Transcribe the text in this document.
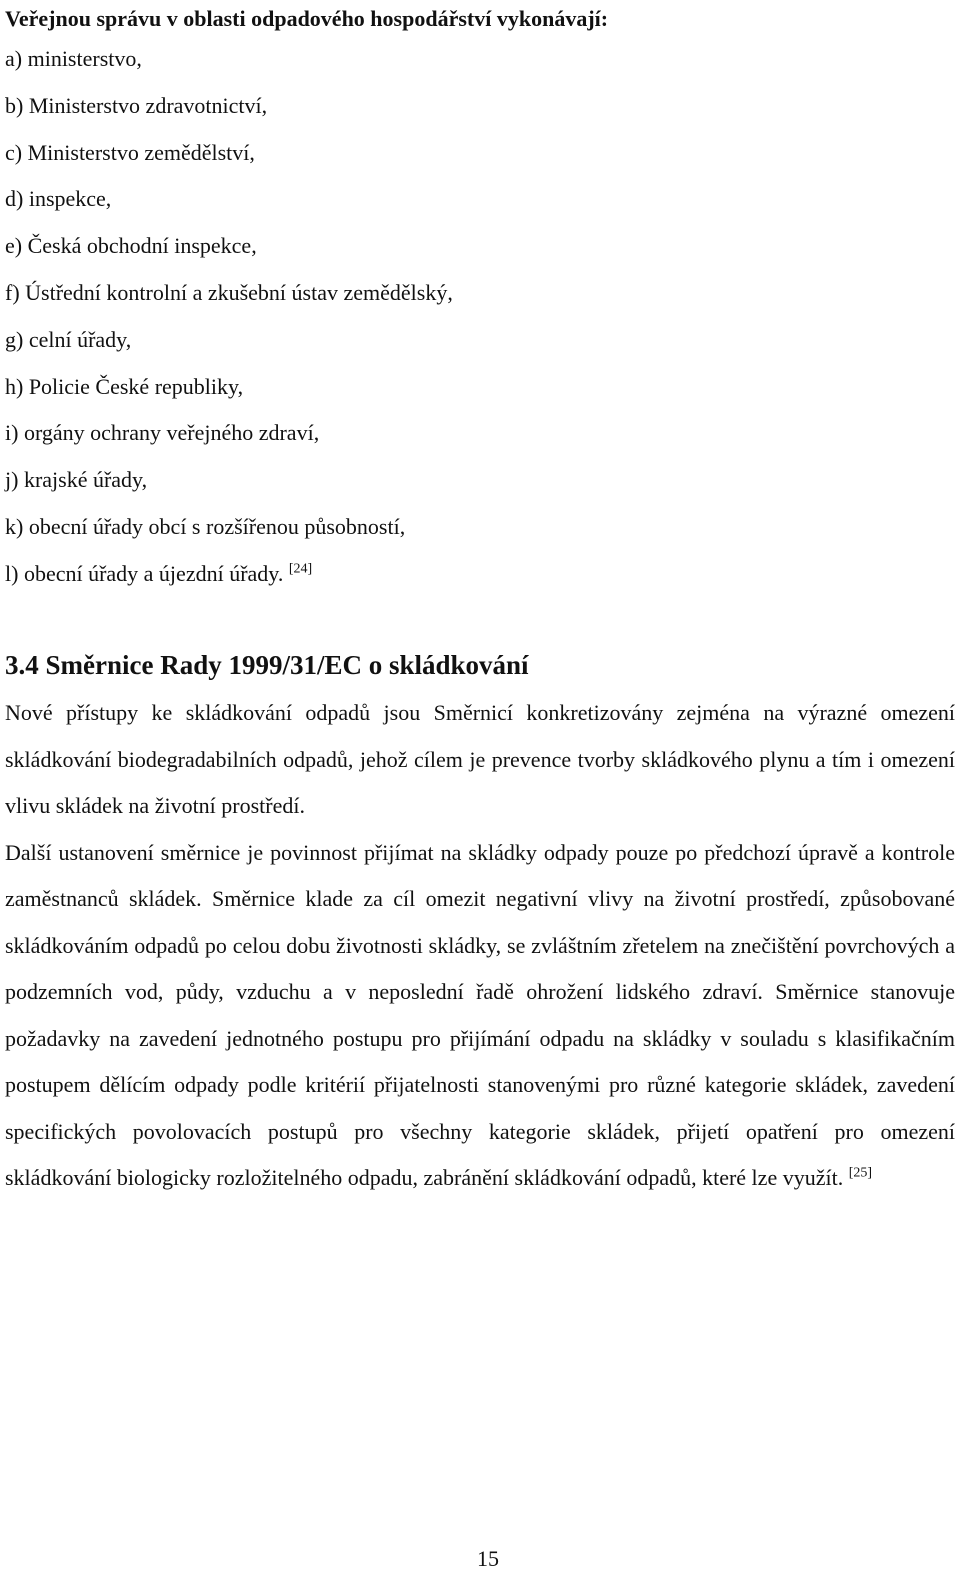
Veřejnou správu v oblasti odpadového hospodářství vykonávají:
a) ministerstvo,
b) Ministerstvo zdravotnictví,
c) Ministerstvo zemědělství,
d) inspekce,
e) Česká obchodní inspekce,
f) Ústřední kontrolní a zkušební ústav zemědělský,
g) celní úřady,
h) Policie České republiky,
i) orgány ochrany veřejného zdraví,
j) krajské úřady,
k) obecní úřady obcí s rozšířenou působností,
l) obecní úřady a újezdní úřady. [24]
3.4 Směrnice Rady 1999/31/EC o skládkování

Nové přístupy ke skládkování odpadů jsou Směrnicí konkretizovány zejména na výrazné omezení skládkování biodegradabilních odpadů, jehož cílem je prevence tvorby skládkového plynu a tím i omezení vlivu skládek na životní prostředí.

Další ustanovení směrnice je povinnost přijímat na skládky odpady pouze po předchozí úpravě a kontrole zaměstnanců skládek. Směrnice klade za cíl omezit negativní vlivy na životní prostředí, způsobované skládkováním odpadů po celou dobu životnosti skládky, se zvláštním zřetelem na znečištění povrchových a podzemních vod, půdy, vzduchu a v neposlední řadě ohrožení lidského zdraví. Směrnice stanovuje požadavky na zavedení jednotného postupu pro přijímání odpadu na skládky v souladu s klasifikačním postupem dělícím odpady podle kritérií přijatelnosti stanovenými pro různé kategorie skládek, zavedení specifických povolovacích postupů pro všechny kategorie skládek, přijetí opatření pro omezení skládkování biologicky rozložitelného odpadu, zabránění skládkování odpadů, které lze využít. [25]

15
